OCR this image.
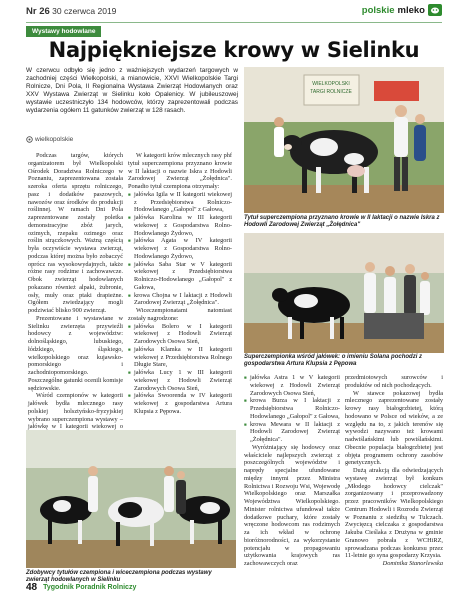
Nr 26 30 czerwca 2019	polskie mleko
Wystawy hodowlane
Najpiękniejsze krowy w Sielinku
W czerwcu odbyło się jedno z ważniejszych wydarzeń targowych w zachodniej części Wielkopolski, a mianowicie, XXVI Wielkopolskie Targi Rolnicze, Dni Pola, II Regionalna Wystawa Zwierząt Hodowlanych oraz XXV Wystawa Zwierząt w Sielinku koło Opalenicy. W jubileuszowej wystawie uczestniczyło 134 hodowców, którzy zaprezentowali podczas wydarzenia ogółem 11 gatunków zwierząt w 128 rasach.
wielkopolskie

Podczas targów, których organizatorem był Wielkopolski Ośrodek Doradztwa Rolniczego w Poznaniu, zaprezentowana została szeroka oferta sprzętu rolniczego, pasz i dodatków paszowych, nawozów oraz środków do produkcji roślinnej. W ramach Dni Pola zaprezentowane zostały poletka demonstracyjne zbóż jarych, ozimych, rzepaku ozimego oraz roślin strączkowych. Ważną częścią była oczywiście wystawa zwierząt, podczas której można było zobaczyć oprócz ras wysokowydajnych, także różne rasy rodzime i zachowawcze. Obok zwierząt hodowlanych pokazano również alpaki, żubronie, osły, muły oraz ptaki drapieżne. Ogółem zwiedzający mogli podziwiać blisko 900 zwierząt.

Prezentowane i wystawiane w Sielinku zwierzęta przywieźli hodowcy z województw: dolnośląskiego, lubuskiego, łódzkiego, śląskiego, wielkopolskiego oraz kujawsko-pomorskiego i zachodniopomorskiego. Poszczególne gatunki ocenili komisje sędziowskie.

Wśród czempionów w kategorii jałówek bydła mlecznego rasy polskiej holsztyńsko-fryzyjskiej wybrano superczempiona wystawy – jałówkę w I kategorii wiekowej o

W kategorii krów mlecznych rasy phf tytuł superczempiona przyznano krowie w II laktacji o nazwie Iskra z Hodowli Zarodowej Zwierząt „Żołędnica". Ponadto tytuł czempiona otrzymały:

■ jałówka Igila w II kategorii wiekowej z Przedsiębiorstwa Rolniczo-Hodowlanego „Gałopol" z Gałowa,
■ jałówka Karolina w III kategorii wiekowej z Gospodarstwa Rolno-Hodowlanego Żydowo,
■ jałówka Agata w IV kategorii wiekowej z Gospodarstwa Rolno-Hodowlanego Żydowo,
■ jałówka Saba Star w V kategorii wiekowej z Przedsiębiorstwa Rolniczo-Hodowlanego „Gałopol" z Gałowa,
■ krowa Chojna w I laktacji z Hodowli Zarodowej Zwierząt „Żołędnica".

Wiceczempionatami natomiast zostały nagrodzone:

■ jałówka Bolero w I kategorii wiekowej z Hodowli Zwierząt Zarodowych Osowa Sień,
■ jałówka Klamka w II kategorii wiekowej z Przedsiębiorstwa Rolnego Długie Stare,
■ jałówka Lucy 1 w III kategorii wiekowej z Hodowli Zwierząt Zarodowych Osowa Sień,
■ jałówka Swoorenda w IV kategorii wiekowej z gospodarstwa Artura Klupsia z Pępowa.
WIELKOPOLSKI
TARGI ROLNICZE
Tytuł superczempiona przyznano krowie w II laktacji o nazwie Iskra z Hodowli Zarodowej Zwierząt „Żołędnica"
Superczempionka wśród jałówek: o imieniu Solana pochodzi z gospodarstwa Artura Klupsia z Pępowa
■ jałówka Astra 1 w V kategorii wiekowej z Hodowli Zwierząt Zarodowych Osowa Sień,
■ krowa Burza w I laktacji z Przedsiębiorstwa Rolniczo-Hodowlanego „Gałopol" z Gałowa,
■ krowa Mewara w II laktacji z Hodowli Zarodowej Zwierząt „Żołędnica".

Wyróżniający się hodowcy oraz właściciele najlepszych zwierząt z poszczególnych województw i naprędy specjalne ufundowane między innymi przez Ministra Rolnictwa i Rozwoju Wsi, Wojewodę Wielkopolskiego oraz Marszałka Województwa Wielkopolskiego. Minister rolnictwa ufundował także dodatkowe puchary, które zostały wręczone hodowcom ras rodzimych za ich wkład w ochronę bioróżnorodności, za wykorzystanie potencjału w propagowaniu użytkowania krajowych ras zachowawczych oraz

przedmiotowych surowców i produktów od nich pochodzących.

W stawce pokazowej bydła mlecznego zaprezentowane zostały krowy rasy białogrzbietej, którą hodowano w Polsce od wieków, a ze względu na to, z jakich terenów się wywodzi nazywano też krowami nadwiślańskimi lub powiślańskimi. Obecnie populacja białogrzbietej jest objęta programem ochrony zasobów genetycznych.

Dużą atrakcją dla odwiedzających wystawę zwierząt był konkurs „Młodego hodowcy cielczak" zorganizowany i przeprowadzony przez pracowników Wielkopolskiego Centrum Hodowli i Rozrodu Zwierząt w Poznaniu z siedzibą w Tulczach. Zwycięzcą cielczaka z gospodarstwa Jakuba Cieślaka z Drużyna w gminie Granowo pobrała z WCHiRZ, sprowadzana podczas konkursu przez 11-letnie go syna gospodarzy Krzysia.

Dominika Stanorlewska
Zdobywcy tytułów czempiona i wiceczempiona podczas wystawy zwierząt hodowlanych w Sielinku
48 Tygodnik Poradnik Rolniczy
